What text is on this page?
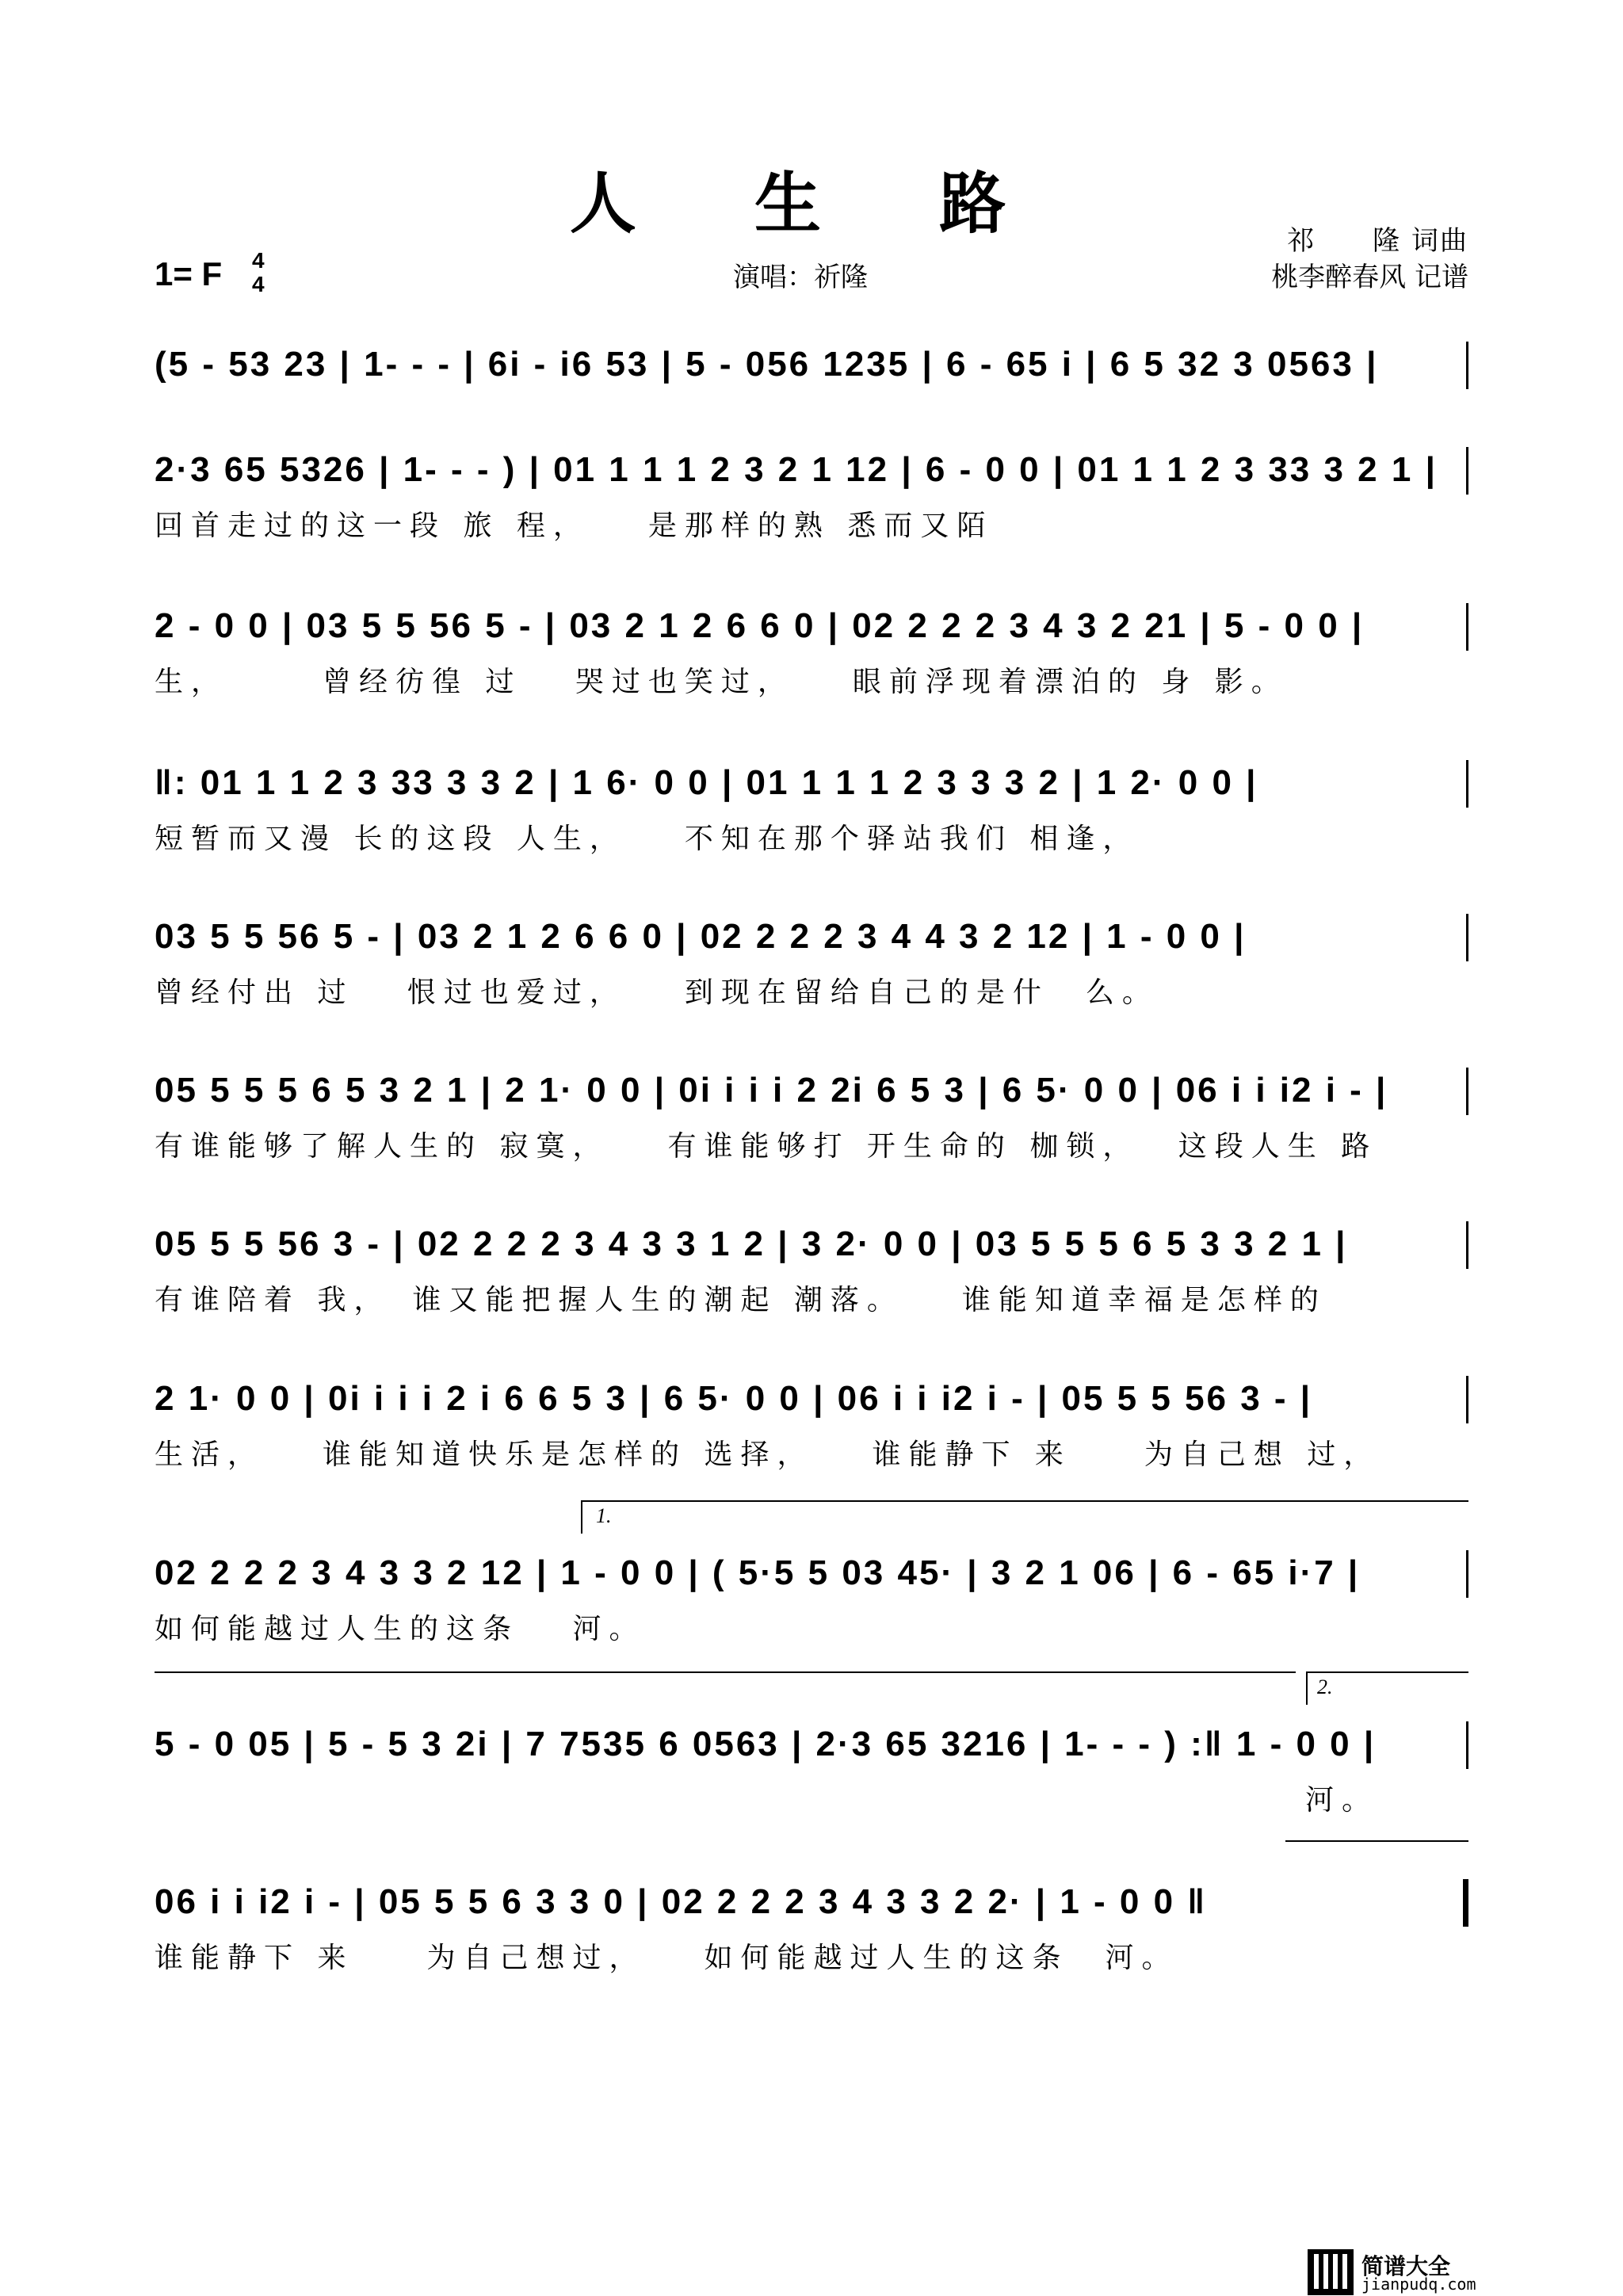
人 生 路
1= F 4
4	演唱：祈隆
祁　　隆 词曲
桃李醉春风 记谱
(5 - 53 23 | 1- - - | 6i - i6 53 | 5 - 056 1235 | 6 - 65 i | 6 5 32 3 0563 |
2·3 65 5326 | 1- - - ) | 01 1 1 1 2 3 2 1 12 | 6 - 0 0 | 01 1 1 2 3 33 3 2 1 |
回首走过的这一段 旅 程，　　是那样的熟 悉而又陌
2 - 0 0 | 03 5 5 56 5 - | 03 2 1 2 6 6 0 | 02 2 2 2 3 4 3 2 21 | 5 - 0 0 |
生，　　　曾经彷徨 过　 哭过也笑过，　　眼前浮现着漂泊的 身 影。
‖: 01 1 1 2 3 33 3 3 2 | 1 6· 0 0 | 01 1 1 1 2 3 3 3 2 | 1 2· 0 0 |
短暂而又漫 长的这段 人生，　　不知在那个驿站我们 相逢，
03 5 5 56 5 - | 03 2 1 2 6 6 0 | 02 2 2 2 3 4 4 3 2 12 | 1 - 0 0 |
曾经付出 过　 恨过也爱过，　　到现在留给自己的是什　么。
05 5 5 5 6 5 3 2 1 | 2 1· 0 0 | 0i i i i 2 2i 6 5 3 | 6 5· 0 0 | 06 i i i2 i - |
有谁能够了解人生的 寂寞，　　有谁能够打 开生命的 枷锁，　 这段人生 路
05 5 5 56 3 - | 02 2 2 2 3 4 3 3 1 2 | 3 2· 0 0 | 03 5 5 5 6 5 3 3 2 1 |
有谁陪着 我，　谁又能把握人生的潮起 潮落。　　谁能知道幸福是怎样的
2 1· 0 0 | 0i i i i 2 i 6 6 5 3 | 6 5· 0 0 | 06 i i i2 i - | 05 5 5 56 3 - |
生活，　　谁能知道快乐是怎样的 选择，　　谁能静下 来　　为自己想 过，
1.
02 2 2 2 3 4 3 3 2 12 | 1 - 0 0 | ( 5·5 5 03 45· | 3 2 1 06 | 6 - 65 i·7 |
如何能越过人生的这条　 河。
2.
5 - 0 05 | 5 - 5 3 2i | 7 7535 6 0563 | 2·3 65 3216 | 1- - - ) :‖ 1 - 0 0 |
河。
06 i i i2 i - | 05 5 5 6 3 3 0 | 02 2 2 2 3 4 3 3 2 2· | 1 - 0 0 ‖
谁能静下 来　　为自己想过，　　如何能越过人生的这条　河。
简谱大全
jianpudq.com
